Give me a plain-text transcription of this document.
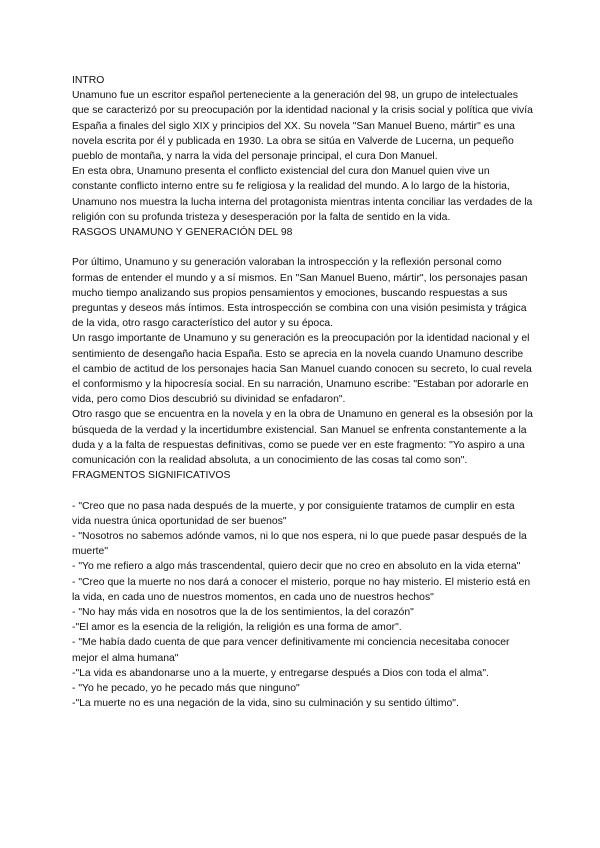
INTRO

Unamuno fue un escritor español perteneciente a la generación del 98, un grupo de intelectuales que se caracterizó por su preocupación por la identidad nacional y la crisis social y política que vivía España a finales del siglo XIX y principios del XX. Su novela "San Manuel Bueno, mártir" es una novela escrita por él y publicada en 1930. La obra se sitúa en Valverde de Lucerna, un pequeño pueblo de montaña, y narra la vida del personaje principal, el cura Don Manuel.

En esta obra, Unamuno presenta el conflicto existencial del cura don Manuel quien vive un constante conflicto interno entre su fe religiosa y la realidad del mundo. A lo largo de la historia, Unamuno nos muestra la lucha interna del protagonista mientras intenta conciliar las verdades de la religión con su profunda tristeza y desesperación por la falta de sentido en la vida.

RASGOS UNAMUNO Y GENERACIÓN DEL 98

Por último, Unamuno y su generación valoraban la introspección y la reflexión personal como formas de entender el mundo y a sí mismos. En "San Manuel Bueno, mártir", los personajes pasan mucho tiempo analizando sus propios pensamientos y emociones, buscando respuestas a sus preguntas y deseos más íntimos. Esta introspección se combina con una visión pesimista y trágica de la vida, otro rasgo característico del autor y su época.

Un rasgo importante de Unamuno y su generación es la preocupación por la identidad nacional y el sentimiento de desengaño hacia España. Esto se aprecia en la novela cuando Unamuno describe el cambio de actitud de los personajes hacia San Manuel cuando conocen su secreto, lo cual revela el conformismo y la hipocresía social. En su narración, Unamuno escribe: "Estaban por adorarle en vida, pero como Dios descubrió su divinidad se enfadaron".

Otro rasgo que se encuentra en la novela y en la obra de Unamuno en general es la obsesión por la búsqueda de la verdad y la incertidumbre existencial. San Manuel se enfrenta constantemente a la duda y a la falta de respuestas definitivas, como se puede ver en este fragmento: "Yo aspiro a una comunicación con la realidad absoluta, a un conocimiento de las cosas tal como son".

FRAGMENTOS SIGNIFICATIVOS
- "Creo que no pasa nada después de la muerte, y por consiguiente tratamos de cumplir en esta vida nuestra única oportunidad de ser buenos"
- "Nosotros no sabemos adónde vamos, ni lo que nos espera, ni lo que puede pasar después de la muerte"
- "Yo me refiero a algo más trascendental, quiero decir que no creo en absoluto en la vida eterna"
- "Creo que la muerte no nos dará a conocer el misterio, porque no hay misterio. El misterio está en la vida, en cada uno de nuestros momentos, en cada uno de nuestros hechos"
- "No hay más vida en nosotros que la de los sentimientos, la del corazón"
-"El amor es la esencia de la religión, la religión es una forma de amor".
- "Me había dado cuenta de que para vencer definitivamente mi conciencia necesitaba conocer mejor el alma humana"
-"La vida es abandonarse uno a la muerte, y entregarse después a Dios con toda el alma".
- "Yo he pecado, yo he pecado más que ninguno"
-"La muerte no es una negación de la vida, sino su culminación y su sentido último".
